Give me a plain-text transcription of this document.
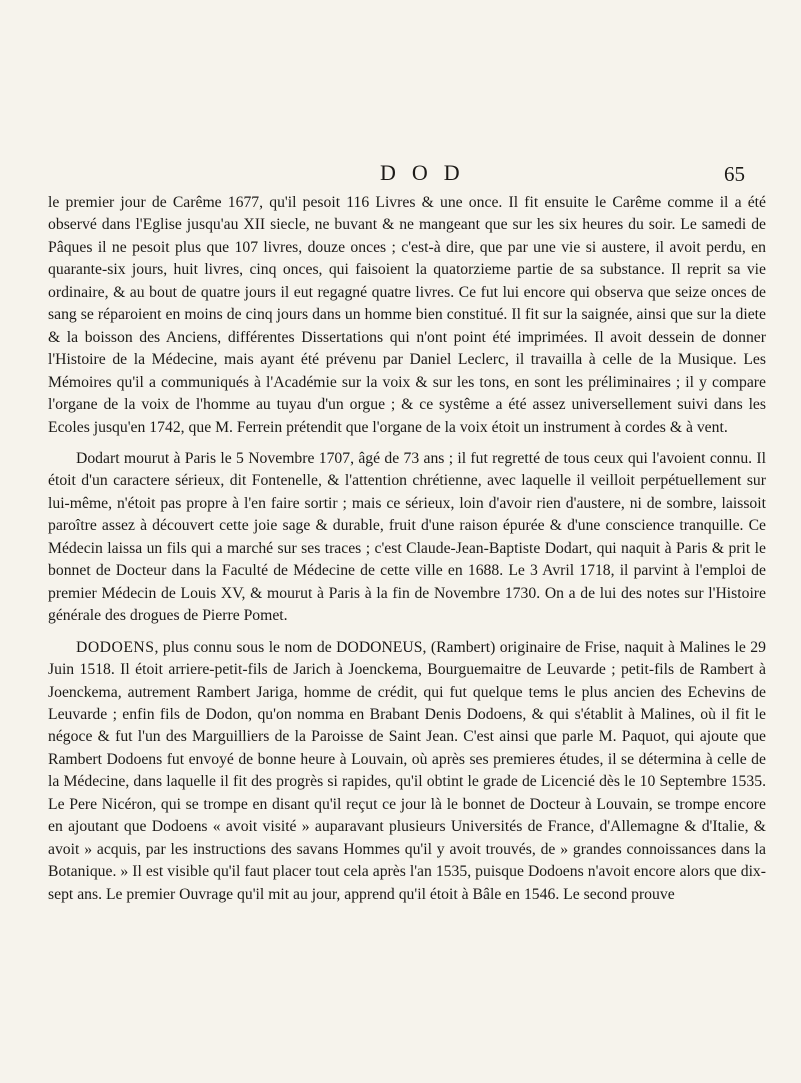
DOD	65

le premier jour de Carême 1677, qu'il pesoit 116 Livres & une once. Il fit ensuite le Carême comme il a été observé dans l'Eglise jusqu'au XII siecle, ne buvant & ne mangeant que sur les six heures du soir. Le samedi de Pâques il ne pesoit plus que 107 livres, douze onces ; c'est-à dire, que par une vie si austere, il avoit perdu, en quarante-six jours, huit livres, cinq onces, qui faisoient la quatorzieme partie de sa substance. Il reprit sa vie ordinaire, & au bout de quatre jours il eut regagné quatre livres. Ce fut lui encore qui observa que seize onces de sang se réparoient en moins de cinq jours dans un homme bien constitué. Il fit sur la saignée, ainsi que sur la diete & la boisson des Anciens, différentes Dissertations qui n'ont point été imprimées. Il avoit dessein de donner l'Histoire de la Médecine, mais ayant été prévenu par Daniel Leclerc, il travailla à celle de la Musique. Les Mémoires qu'il a communiqués à l'Académie sur la voix & sur les tons, en sont les préliminaires ; il y compare l'organe de la voix de l'homme au tuyau d'un orgue ; & ce systême a été assez universellement suivi dans les Ecoles jusqu'en 1742, que M. Ferrein prétendit que l'organe de la voix étoit un instrument à cordes & à vent.

Dodart mourut à Paris le 5 Novembre 1707, âgé de 73 ans ; il fut regretté de tous ceux qui l'avoient connu. Il étoit d'un caractere sérieux, dit Fontenelle, & l'attention chrétienne, avec laquelle il veilloit perpétuellement sur lui-même, n'étoit pas propre à l'en faire sortir ; mais ce sérieux, loin d'avoir rien d'austere, ni de sombre, laissoit paroître assez à découvert cette joie sage & durable, fruit d'une raison épurée & d'une conscience tranquille. Ce Médecin laissa un fils qui a marché sur ses traces ; c'est Claude-Jean-Baptiste Dodart, qui naquit à Paris & prit le bonnet de Docteur dans la Faculté de Médecine de cette ville en 1688. Le 3 Avril 1718, il parvint à l'emploi de premier Médecin de Louis XV, & mourut à Paris à la fin de Novembre 1730. On a de lui des notes sur l'Histoire générale des drogues de Pierre Pomet.

DODOENS, plus connu sous le nom de DODONEUS, (Rambert) originaire de Frise, naquit à Malines le 29 Juin 1518. Il étoit arriere-petit-fils de Jarich à Joenckema, Bourguemaitre de Leuvarde ; petit-fils de Rambert à Joenckema, autrement Rambert Jariga, homme de crédit, qui fut quelque tems le plus ancien des Echevins de Leuvarde ; enfin fils de Dodon, qu'on nomma en Brabant Denis Dodoens, & qui s'établit à Malines, où il fit le négoce & fut l'un des Marguilliers de la Paroisse de Saint Jean. C'est ainsi que parle M. Paquot, qui ajoute que Rambert Dodoens fut envoyé de bonne heure à Louvain, où après ses premieres études, il se détermina à celle de la Médecine, dans laquelle il fit des progrès si rapides, qu'il obtint le grade de Licencié dès le 10 Septembre 1535. Le Pere Nicéron, qui se trompe en disant qu'il reçut ce jour là le bonnet de Docteur à Louvain, se trompe encore en ajoutant que Dodoens « avoit visité » auparavant plusieurs Universités de France, d'Allemagne & d'Italie, & avoit » acquis, par les instructions des savans Hommes qu'il y avoit trouvés, de » grandes connoissances dans la Botanique. » Il est visible qu'il faut placer tout cela après l'an 1535, puisque Dodoens n'avoit encore alors que dix-sept ans. Le premier Ouvrage qu'il mit au jour, apprend qu'il étoit à Bâle en 1546. Le second prouve
